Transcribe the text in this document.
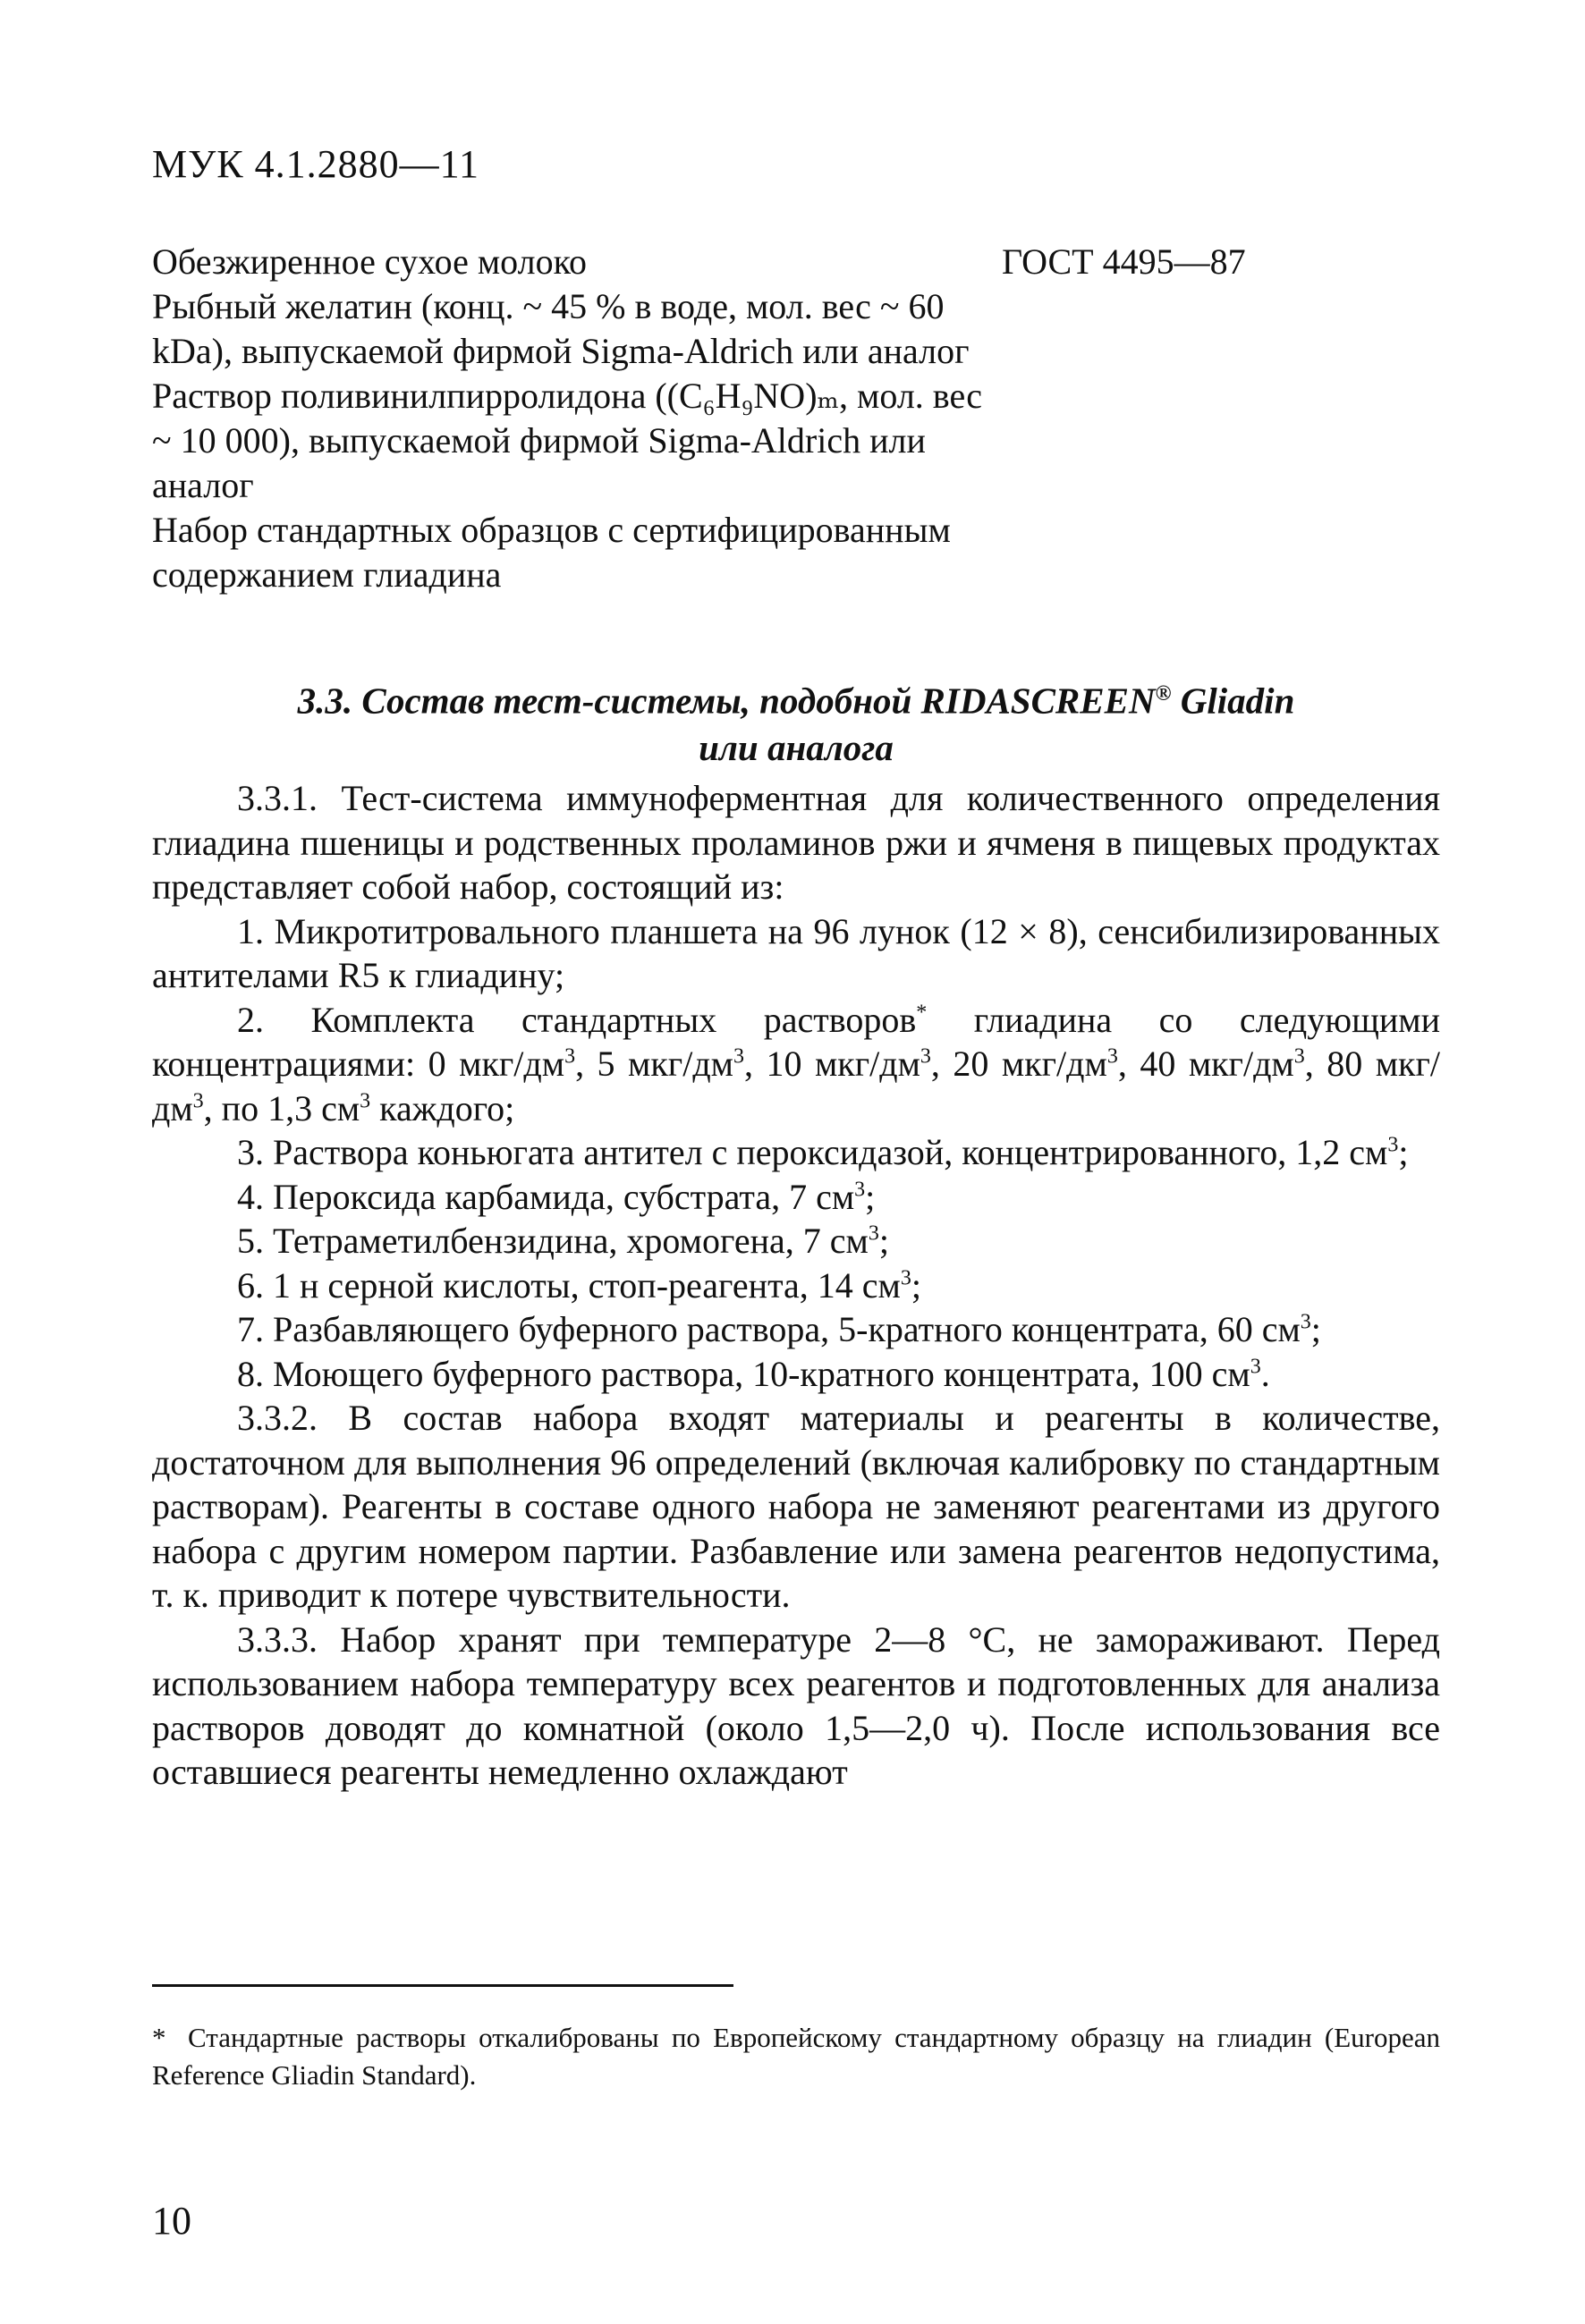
МУК 4.1.2880—11
Обезжиренное сухое молоко	ГОСТ 4495—87
Рыбный желатин (конц. ~ 45 % в воде, мол. вес ~ 60 kDa), выпускаемой фирмой Sigma-Aldrich или аналог
Раствор поливинилпирролидона ((C₆H₉NO)ₘ, мол. вес ~ 10 000), выпускаемой фирмой Sigma-Aldrich или аналог
Набор стандартных образцов с сертифицированным содержанием глиадина
3.3. Состав тест-системы, подобной RIDASCREEN® Gliadin
или аналога

3.3.1. Тест-система иммуноферментная для количественного определения глиадина пшеницы и родственных проламинов ржи и ячменя в пищевых продуктах представляет собой набор, состоящий из:

1. Микротитровального планшета на 96 лунок (12 × 8), сенсибилизированных антителами R5 к глиадину;

2. Комплекта стандартных растворов* глиадина со следующими концентрациями: 0 мкг/$дм^3$, 5 мкг/$дм^3$, 10 мкг/$дм^3$, 20 мкг/$дм^3$, 40 мкг/$дм^3$, 80 мкг/$дм^3$, по 1,3 $см^3$ каждого;

3. Раствора коньюгата антител с пероксидазой, концентрированного, 1,2 $см^3$;

4. Пероксида карбамида, субстрата, 7 $см^3$;

5. Тетраметилбензидина, хромогена, 7 $см^3$;

6. 1 н серной кислоты, стоп-реагента, 14 $см^3$;

7. Разбавляющего буферного раствора, 5-кратного концентрата, 60 $см^3$;

8. Моющего буферного раствора, 10-кратного концентрата, 100 $см^3$.

3.3.2. В состав набора входят материалы и реагенты в количестве, достаточном для выполнения 96 определений (включая калибровку по стандартным растворам). Реагенты в составе одного набора не заменяют реагентами из другого набора с другим номером партии. Разбавление или замена реагентов недопустима, т. к. приводит к потере чувствительности.

3.3.3. Набор хранят при температуре 2—8 °С, не замораживают. Перед использованием набора температуру всех реагентов и подготовленных для анализа растворов доводят до комнатной (около 1,5—2,0 ч). После использования все оставшиеся реагенты немедленно охлаждают

* Стандартные растворы откалиброваны по Европейскому стандартному образцу на глиадин (European Reference Gliadin Standard).
10
